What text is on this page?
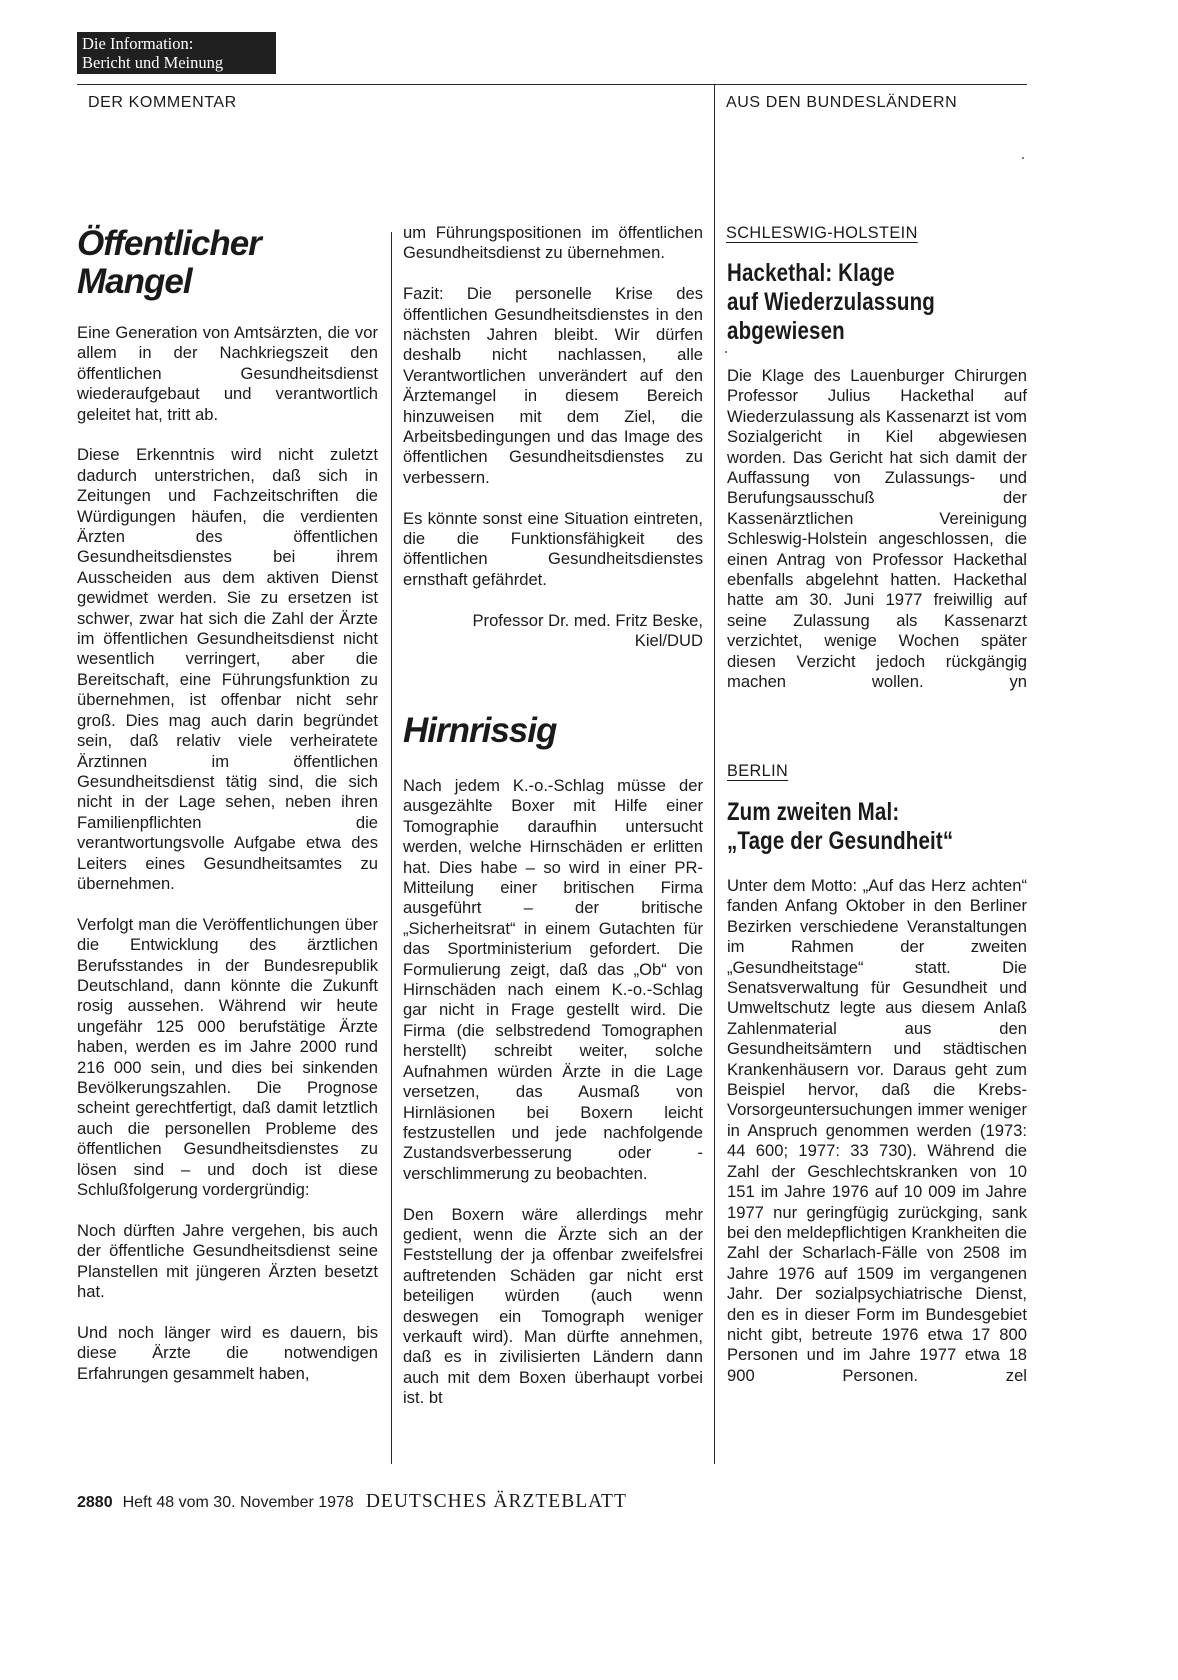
Die Information:
Bericht und Meinung
DER KOMMENTAR	AUS DEN BUNDESLÄNDERN
Öffentlicher
Mangel

Eine Generation von Amtsärzten, die vor allem in der Nachkriegszeit den öffentlichen Gesundheitsdienst wiederaufgebaut und verantwortlich geleitet hat, tritt ab.

Diese Erkenntnis wird nicht zuletzt dadurch unterstrichen, daß sich in Zeitungen und Fachzeitschriften die Würdigungen häufen, die verdienten Ärzten des öffentlichen Gesundheitsdienstes bei ihrem Ausscheiden aus dem aktiven Dienst gewidmet werden. Sie zu ersetzen ist schwer, zwar hat sich die Zahl der Ärzte im öffentlichen Gesundheitsdienst nicht wesentlich verringert, aber die Bereitschaft, eine Führungsfunktion zu übernehmen, ist offenbar nicht sehr groß. Dies mag auch darin begründet sein, daß relativ viele verheiratete Ärztinnen im öffentlichen Gesundheitsdienst tätig sind, die sich nicht in der Lage sehen, neben ihren Familienpflichten die verantwortungsvolle Aufgabe etwa des Leiters eines Gesundheitsamtes zu übernehmen.

Verfolgt man die Veröffentlichungen über die Entwicklung des ärztlichen Berufsstandes in der Bundesrepublik Deutschland, dann könnte die Zukunft rosig aussehen. Während wir heute ungefähr 125 000 berufstätige Ärzte haben, werden es im Jahre 2000 rund 216 000 sein, und dies bei sinkenden Bevölkerungszahlen. Die Prognose scheint gerechtfertigt, daß damit letztlich auch die personellen Probleme des öffentlichen Gesundheitsdienstes zu lösen sind – und doch ist diese Schlußfolgerung vordergründig:

Noch dürften Jahre vergehen, bis auch der öffentliche Gesundheitsdienst seine Planstellen mit jüngeren Ärzten besetzt hat.

Und noch länger wird es dauern, bis diese Ärzte die notwendigen Erfahrungen gesammelt haben,

um Führungspositionen im öffentlichen Gesundheitsdienst zu übernehmen.

Fazit: Die personelle Krise des öffentlichen Gesundheitsdienstes in den nächsten Jahren bleibt. Wir dürfen deshalb nicht nachlassen, alle Verantwortlichen unverändert auf den Ärztemangel in diesem Bereich hinzuweisen mit dem Ziel, die Arbeitsbedingungen und das Image des öffentlichen Gesundheitsdienstes zu verbessern.

Es könnte sonst eine Situation eintreten, die die Funktionsfähigkeit des öffentlichen Gesundheitsdienstes ernsthaft gefährdet.

Professor Dr. med. Fritz Beske,
Kiel/DUD

Hirnrissig

Nach jedem K.-o.-Schlag müsse der ausgezählte Boxer mit Hilfe einer Tomographie daraufhin untersucht werden, welche Hirnschäden er erlitten hat. Dies habe – so wird in einer PR-Mitteilung einer britischen Firma ausgeführt – der britische „Sicherheitsrat“ in einem Gutachten für das Sportministerium gefordert. Die Formulierung zeigt, daß das „Ob“ von Hirnschäden nach einem K.-o.-Schlag gar nicht in Frage gestellt wird. Die Firma (die selbstredend Tomographen herstellt) schreibt weiter, solche Aufnahmen würden Ärzte in die Lage versetzen, das Ausmaß von Hirnläsionen bei Boxern leicht festzustellen und jede nachfolgende Zustandsverbesserung oder -verschlimmerung zu beobachten.

Den Boxern wäre allerdings mehr gedient, wenn die Ärzte sich an der Feststellung der ja offenbar zweifelsfrei auftretenden Schäden gar nicht erst beteiligen würden (auch wenn deswegen ein Tomograph weniger verkauft wird). Man dürfte annehmen, daß es in zivilisierten Ländern dann auch mit dem Boxen überhaupt vorbei ist. bt

SCHLESWIG-HOLSTEIN
Hackethal: Klage
auf Wiederzulassung
abgewiesen

Die Klage des Lauenburger Chirurgen Professor Julius Hackethal auf Wiederzulassung als Kassenarzt ist vom Sozialgericht in Kiel abgewiesen worden. Das Gericht hat sich damit der Auffassung von Zulassungs- und Berufungsausschuß der Kassenärztlichen Vereinigung Schleswig-Holstein angeschlossen, die einen Antrag von Professor Hackethal ebenfalls abgelehnt hatten. Hackethal hatte am 30. Juni 1977 freiwillig auf seine Zulassung als Kassenarzt verzichtet, wenige Wochen später diesen Verzicht jedoch rückgängig machen wollen.	yn

BERLIN
Zum zweiten Mal:
„Tage der Gesundheit“

Unter dem Motto: „Auf das Herz achten“ fanden Anfang Oktober in den Berliner Bezirken verschiedene Veranstaltungen im Rahmen der zweiten „Gesundheitstage“ statt. Die Senatsverwaltung für Gesundheit und Umweltschutz legte aus diesem Anlaß Zahlenmaterial aus den Gesundheitsämtern und städtischen Krankenhäusern vor. Daraus geht zum Beispiel hervor, daß die Krebs-Vorsorgeuntersuchungen immer weniger in Anspruch genommen werden (1973: 44 600; 1977: 33 730). Während die Zahl der Geschlechtskranken von 10 151 im Jahre 1976 auf 10 009 im Jahre 1977 nur geringfügig zurückging, sank bei den meldepflichtigen Krankheiten die Zahl der Scharlach-Fälle von 2508 im Jahre 1976 auf 1509 im vergangenen Jahr. Der sozialpsychiatrische Dienst, den es in dieser Form im Bundesgebiet nicht gibt, betreute 1976 etwa 17 800 Personen und im Jahre 1977 etwa 18 900 Personen.	zel

2880 Heft 48 vom 30. November 1978 DEUTSCHES ÄRZTEBLATT
